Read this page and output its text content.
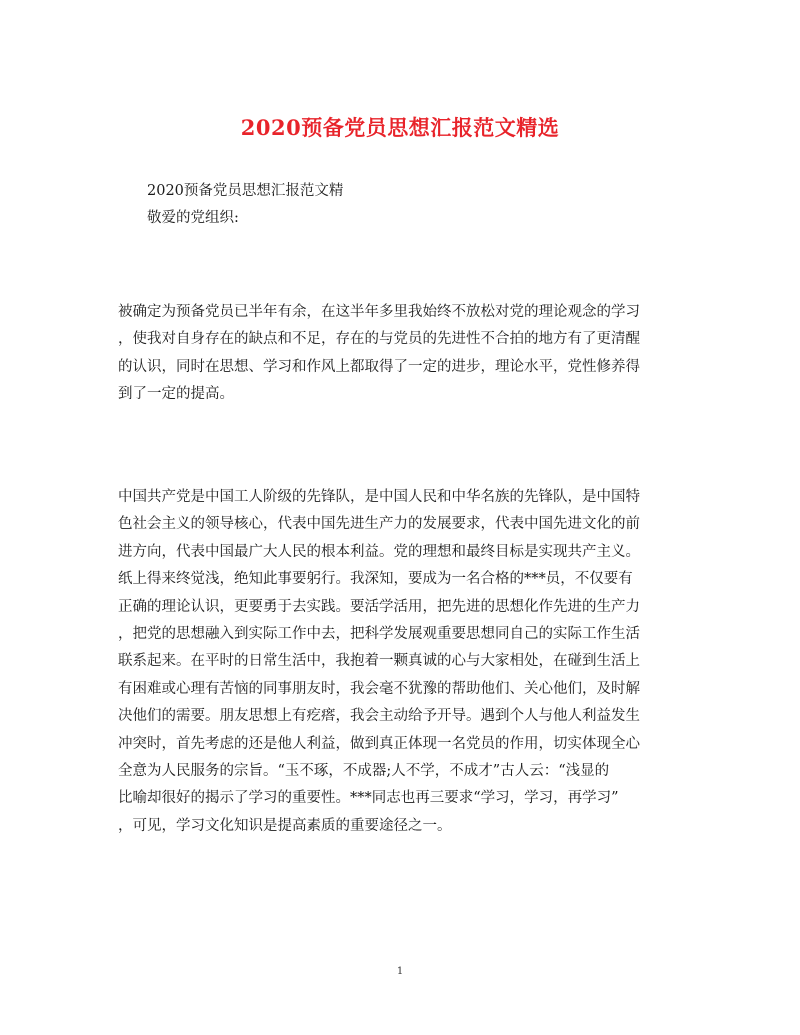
2020预备党员思想汇报范文精选
2020预备党员思想汇报范文精
敬爱的党组织:
被确定为预备党员已半年有余，在这半年多里我始终不放松对党的理论观念的学习
，使我对自身存在的缺点和不足，存在的与党员的先进性不合拍的地方有了更清醒
的认识，同时在思想、学习和作风上都取得了一定的进步，理论水平，党性修养得
到了一定的提高。
中国共产党是中国工人阶级的先锋队，是中国人民和中华名族的先锋队，是中国特
色社会主义的领导核心，代表中国先进生产力的发展要求，代表中国先进文化的前
进方向，代表中国最广大人民的根本利益。党的理想和最终目标是实现共产主义。
纸上得来终觉浅，绝知此事要躬行。我深知，要成为一名合格的***员，不仅要有
正确的理论认识，更要勇于去实践。要活学活用，把先进的思想化作先进的生产力
，把党的思想融入到实际工作中去，把科学发展观重要思想同自己的实际工作生活
联系起来。在平时的日常生活中，我抱着一颗真诚的心与大家相处，在碰到生活上
有困难或心理有苦恼的同事朋友时，我会毫不犹豫的帮助他们、关心他们，及时解
决他们的需要。朋友思想上有疙瘩，我会主动给予开导。遇到个人与他人利益发生
冲突时，首先考虑的还是他人利益，做到真正体现一名党员的作用，切实体现全心
全意为人民服务的宗旨。“玉不琢，不成器;人不学，不成才”古人云：“浅显的
比喻却很好的揭示了学习的重要性。***同志也再三要求“学习，学习，再学习”
，可见，学习文化知识是提高素质的重要途径之一。
1
